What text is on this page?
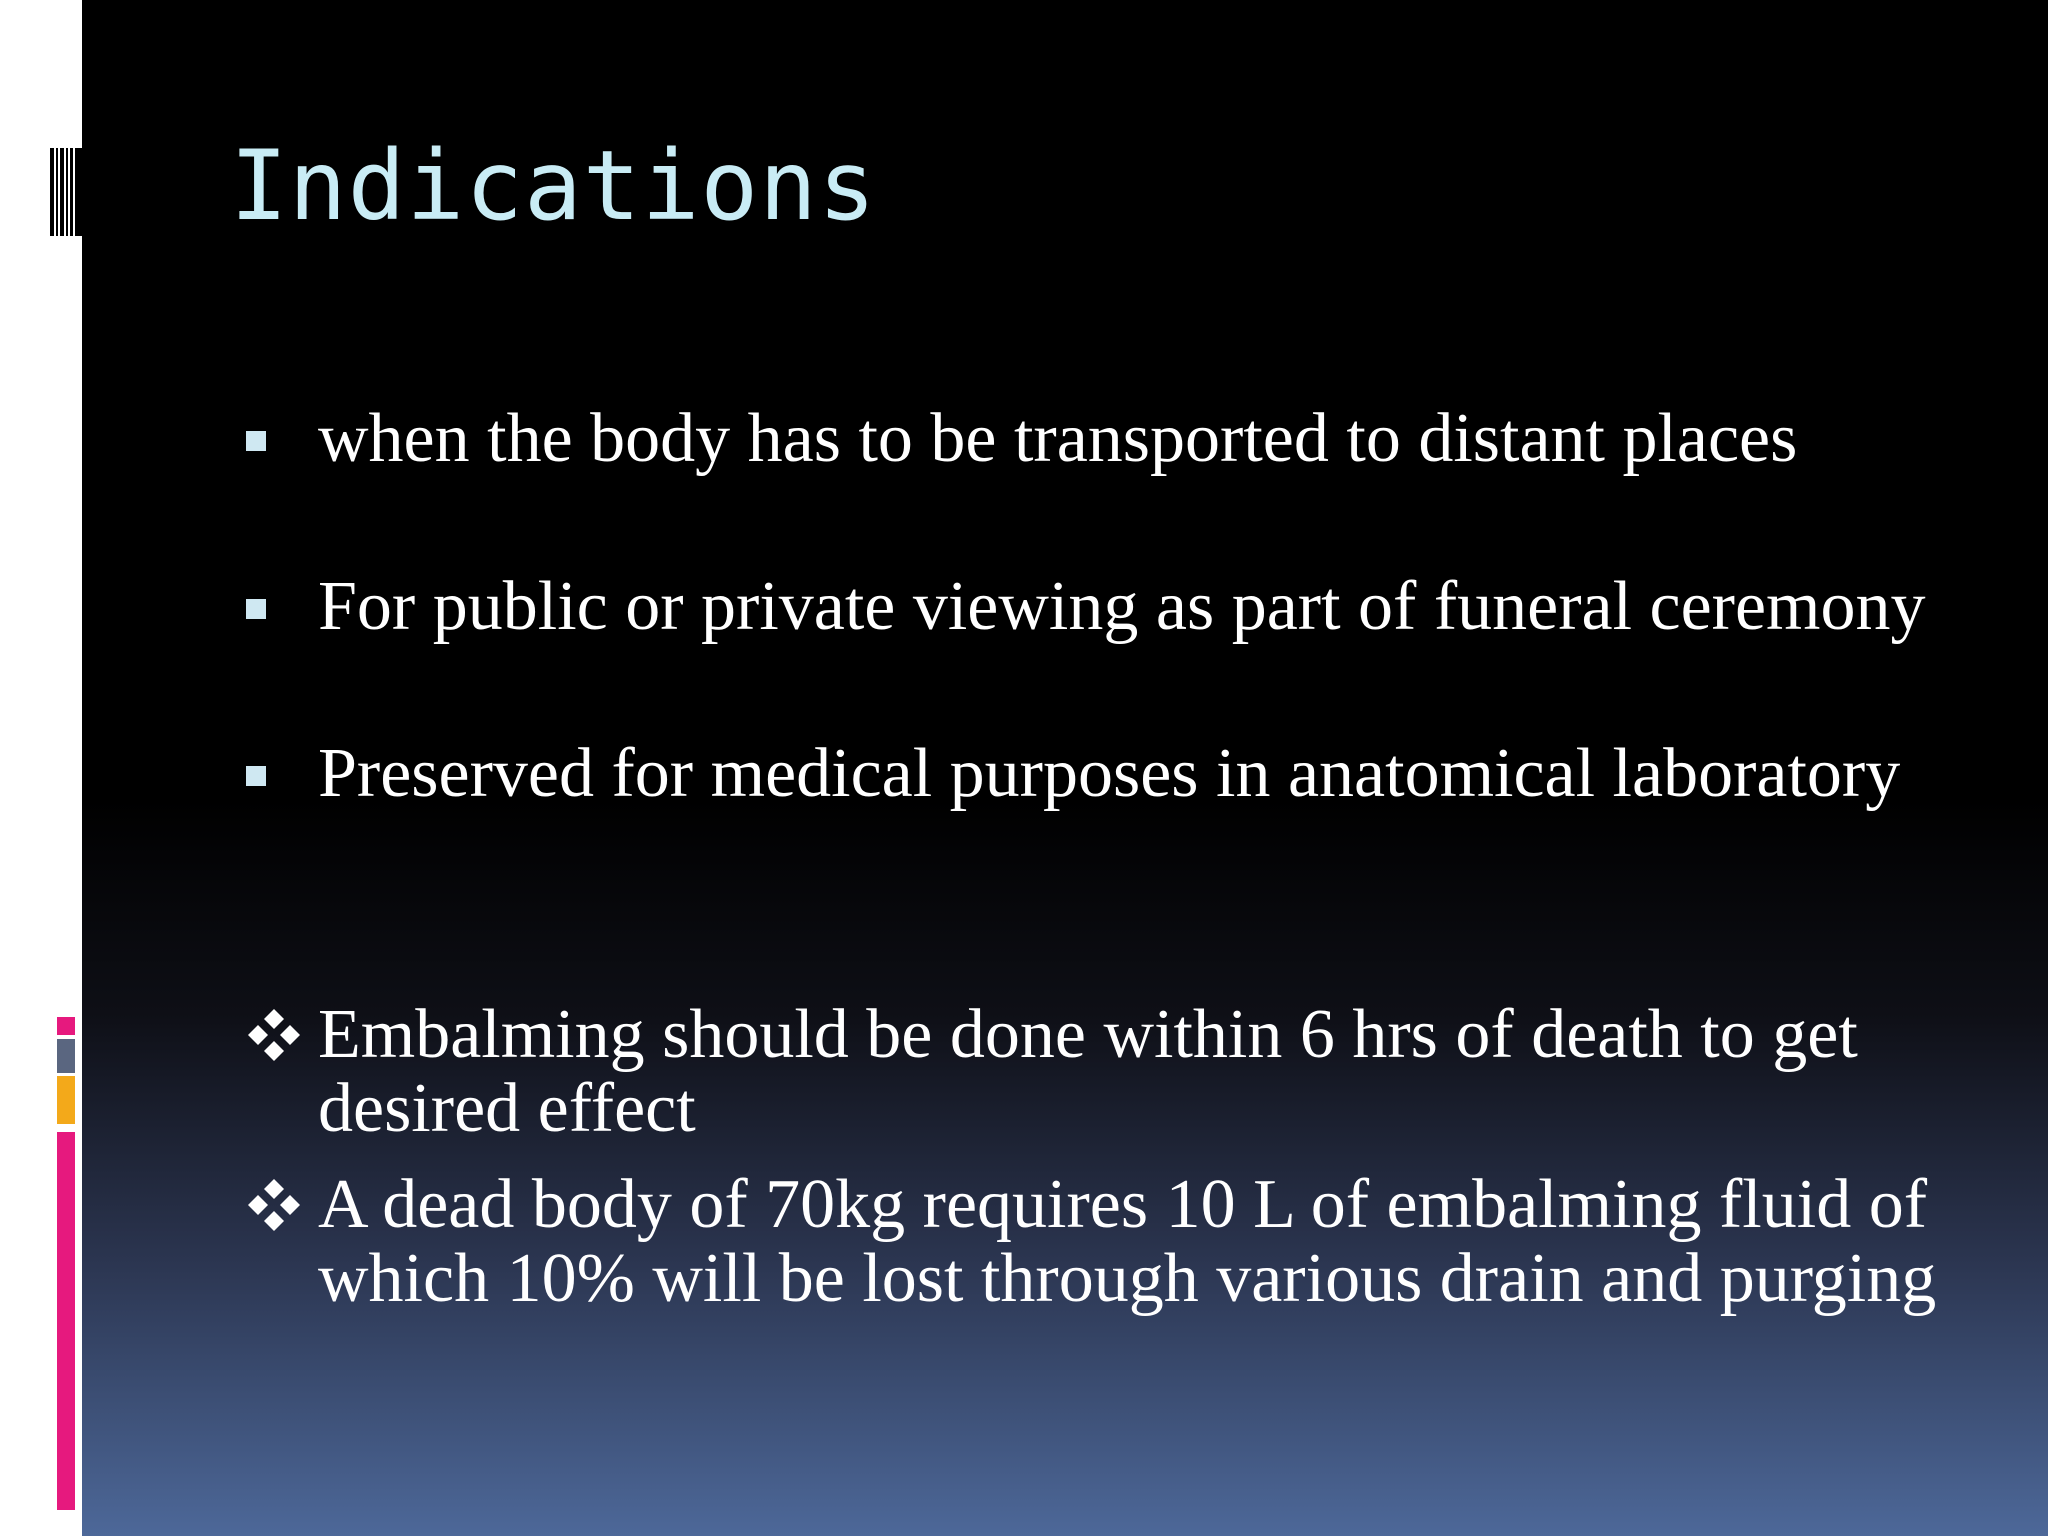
Indications
when the body has to be transported to distant places
For public or private viewing as part of funeral ceremony
Preserved for medical purposes in anatomical laboratory
Embalming should be done within 6 hrs of death to get desired effect
A dead body of 70kg requires 10 L of embalming fluid of which 10% will be lost through various drain and purging
